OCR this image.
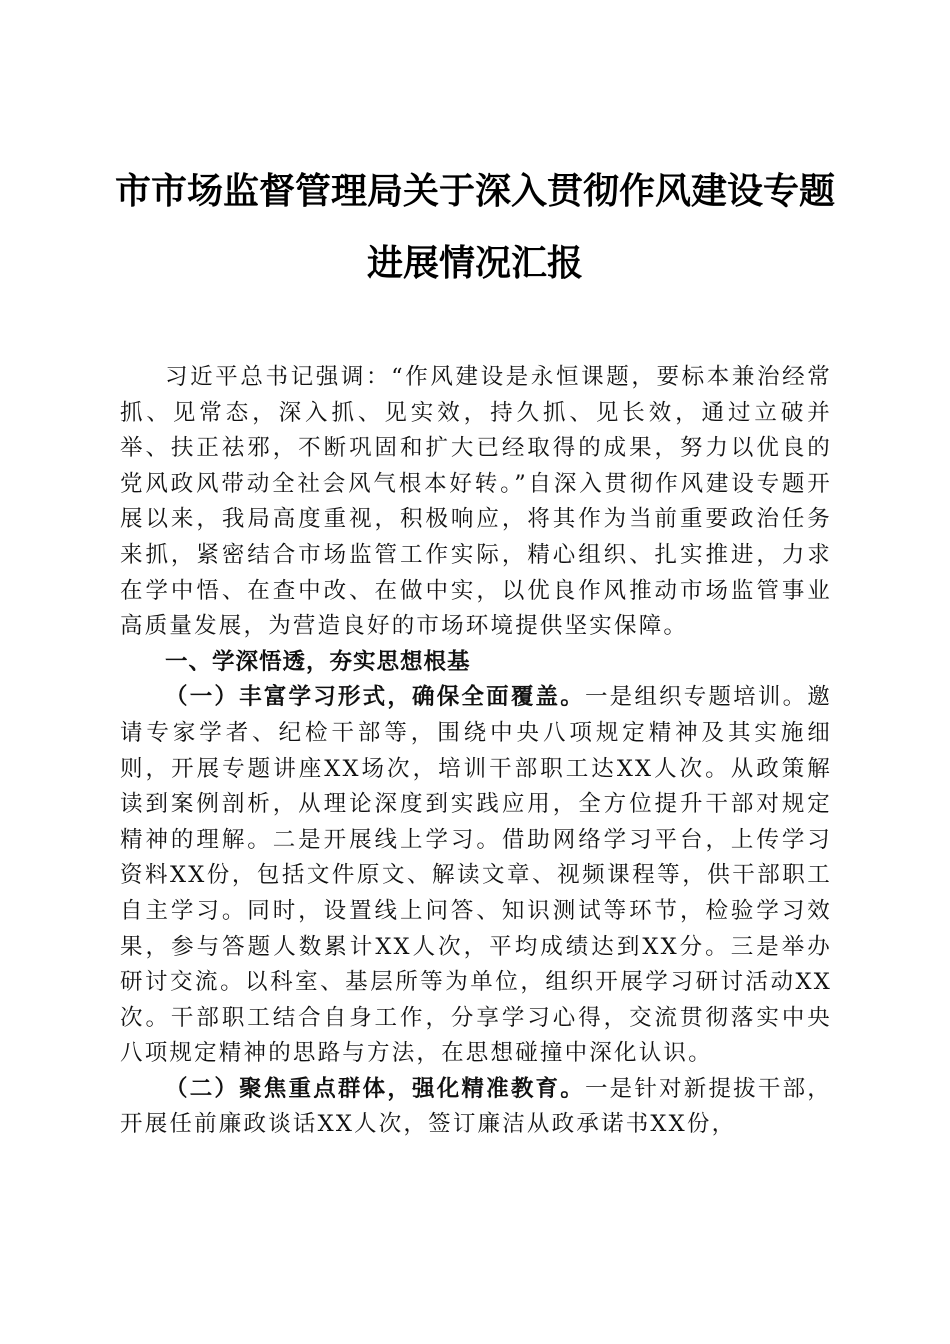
市市场监督管理局关于深入贯彻作风建设专题
进展情况汇报

习近平总书记强调：“作风建设是永恒课题，要标本兼治经常抓、见常态，深入抓、见实效，持久抓、见长效，通过立破并举、扶正祛邪，不断巩固和扩大已经取得的成果，努力以优良的党风政风带动全社会风气根本好转。”自深入贯彻作风建设专题开展以来，我局高度重视，积极响应，将其作为当前重要政治任务来抓，紧密结合市场监管工作实际，精心组织、扎实推进，力求在学中悟、在查中改、在做中实，以优良作风推动市场监管事业高质量发展，为营造良好的市场环境提供坚实保障。

一、学深悟透，夯实思想根基

（一）丰富学习形式，确保全面覆盖。一是组织专题培训。邀请专家学者、纪检干部等，围绕中央八项规定精神及其实施细则，开展专题讲座XX场次，培训干部职工达XX人次。从政策解读到案例剖析，从理论深度到实践应用，全方位提升干部对规定精神的理解。二是开展线上学习。借助网络学习平台，上传学习资料XX份，包括文件原文、解读文章、视频课程等，供干部职工自主学习。同时，设置线上问答、知识测试等环节，检验学习效果，参与答题人数累计XX人次，平均成绩达到XX分。三是举办研讨交流。以科室、基层所等为单位，组织开展学习研讨活动XX次。干部职工结合自身工作，分享学习心得，交流贯彻落实中央八项规定精神的思路与方法，在思想碰撞中深化认识。

（二）聚焦重点群体，强化精准教育。一是针对新提拔干部，开展任前廉政谈话XX人次，签订廉洁从政承诺书XX份，
